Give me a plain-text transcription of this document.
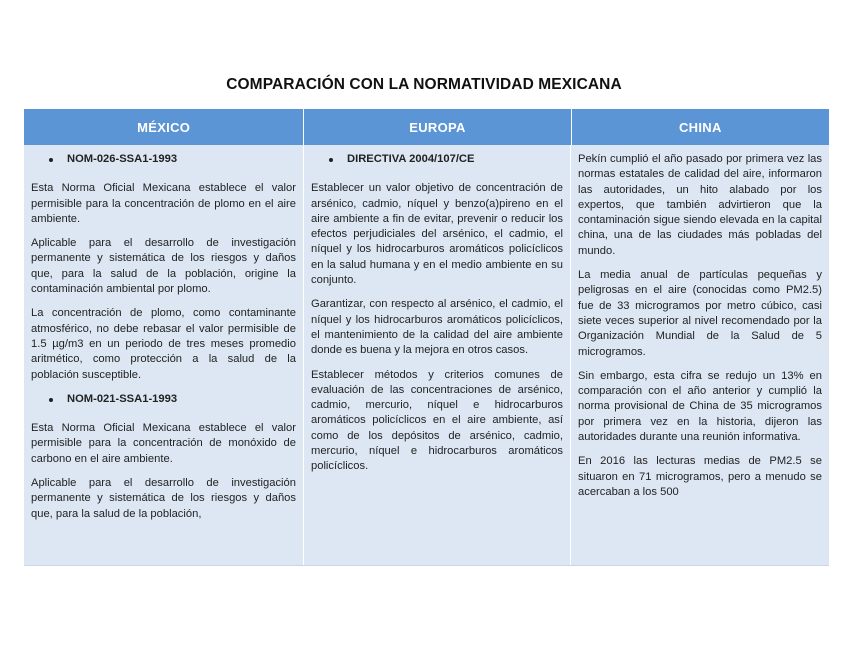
COMPARACIÓN CON LA NORMATIVIDAD MEXICANA
MÉXICO	EUROPA	CHINA
NOM-026-SSA1-1993

Esta Norma Oficial Mexicana establece el valor permisible para la concentración de plomo en el aire ambiente.

Aplicable para el desarrollo de investigación permanente y sistemática de los riesgos y daños que, para la salud de la población, origine la contaminación ambiental por plomo.

La concentración de plomo, como contaminante atmosférico, no debe rebasar el valor permisible de 1.5 µg/m3 en un periodo de tres meses promedio aritmético, como protección a la salud de la población susceptible.

NOM-021-SSA1-1993

Esta Norma Oficial Mexicana establece el valor permisible para la concentración de monóxido de carbono en el aire ambiente.

Aplicable para el desarrollo de investigación permanente y sistemática de los riesgos y daños que, para la salud de la población,

DIRECTIVA 2004/107/CE

Establecer un valor objetivo de concentración de arsénico, cadmio, níquel y benzo(a)pireno en el aire ambiente a fin de evitar, prevenir o reducir los efectos perjudiciales del arsénico, el cadmio, el níquel y los hidrocarburos aromáticos policíclicos en la salud humana y en el medio ambiente en su conjunto.

Garantizar, con respecto al arsénico, el cadmio, el níquel y los hidrocarburos aromáticos policíclicos, el mantenimiento de la calidad del aire ambiente donde es buena y la mejora en otros casos.

Establecer métodos y criterios comunes de evaluación de las concentraciones de arsénico, cadmio, mercurio, níquel e hidrocarburos aromáticos policíclicos en el aire ambiente, así como de los depósitos de arsénico, cadmio, mercurio, níquel e hidrocarburos aromáticos policíclicos.

Pekín cumplió el año pasado por primera vez las normas estatales de calidad del aire, informaron las autoridades, un hito alabado por los expertos, que también advirtieron que la contaminación sigue siendo elevada en la capital china, una de las ciudades más pobladas del mundo.

La media anual de partículas pequeñas y peligrosas en el aire (conocidas como PM2.5) fue de 33 microgramos por metro cúbico, casi siete veces superior al nivel recomendado por la Organización Mundial de la Salud de 5 microgramos.

Sin embargo, esta cifra se redujo un 13% en comparación con el año anterior y cumplió la norma provisional de China de 35 microgramos por primera vez en la historia, dijeron las autoridades durante una reunión informativa.

En 2016 las lecturas medias de PM2.5 se situaron en 71 microgramos, pero a menudo se acercaban a los 500
